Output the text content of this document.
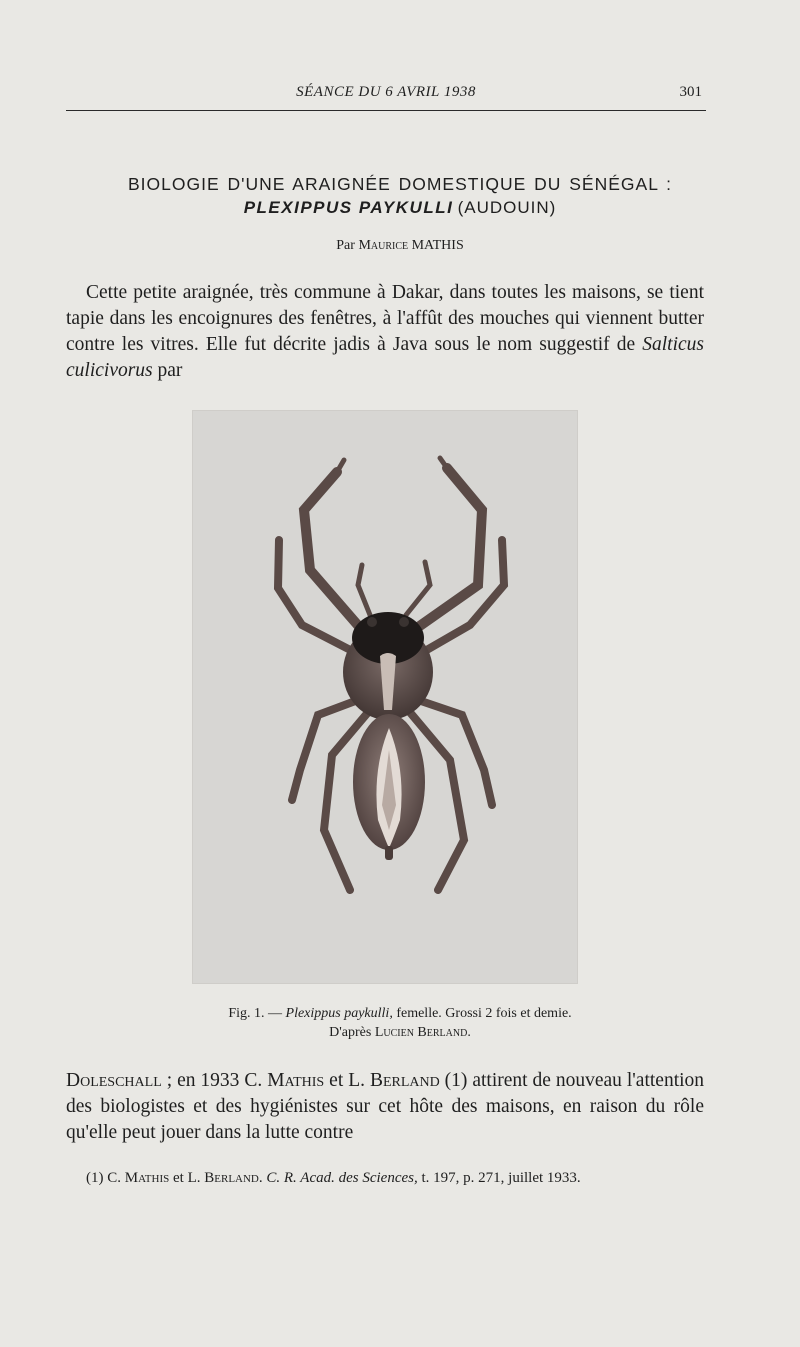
SÉANCE DU 6 AVRIL 1938	301
BIOLOGIE D'UNE ARAIGNÉE DOMESTIQUE DU SÉNÉGAL :
PLEXIPPUS PAYKULLI (AUDOUIN)
Par Maurice MATHIS

Cette petite araignée, très commune à Dakar, dans toutes les maisons, se tient tapie dans les encoignures des fenêtres, à l'affût des mouches qui viennent butter contre les vitres. Elle fut décrite jadis à Java sous le nom suggestif de Salticus culicivorus par

Fig. 1. — Plexippus paykulli, femelle. Grossi 2 fois et demie.
D'après Lucien Berland.

Doleschall ; en 1933 C. Mathis et L. Berland (1) attirent de nouveau l'attention des biologistes et des hygiénistes sur cet hôte des maisons, en raison du rôle qu'elle peut jouer dans la lutte contre

(1) C. Mathis et L. Berland. C. R. Acad. des Sciences, t. 197, p. 271, juillet 1933.
